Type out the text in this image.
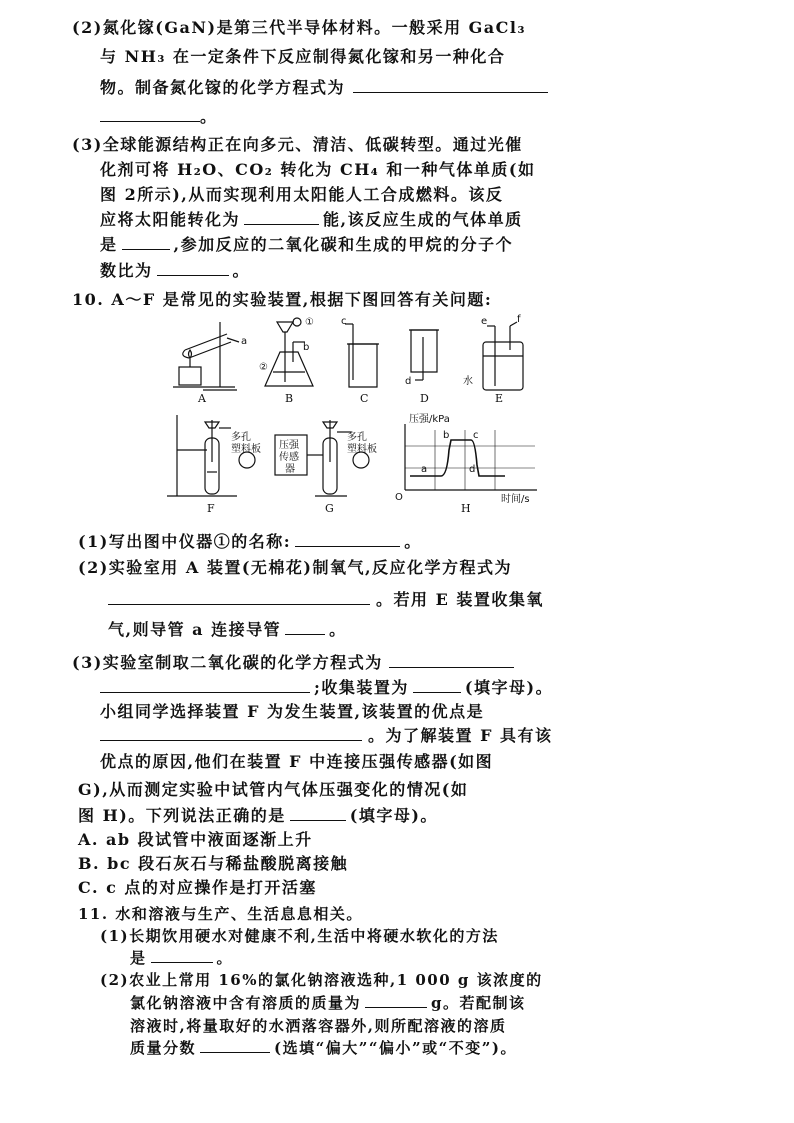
(2)氮化镓(GaN)是第三代半导体材料。一般采用 GaCl₃
与 NH₃ 在一定条件下反应制得氮化镓和另一种化合
物。制备氮化镓的化学方程式为
。
(3)全球能源结构正在向多元、清洁、低碳转型。通过光催
化剂可将 H₂O、CO₂ 转化为 CH₄ 和一种气体单质(如
图 2所示),从而实现利用太阳能人工合成燃料。该反
应将太阳能转化为	能,该反应生成的气体单质
是	,参加反应的二氧化碳和生成的甲烷的分子个
数比为	。
10. A～F 是常见的实验装置,根据下图回答有关问题:
A	B	C	D	E
a
b
c
d
e	f
①
②
水
F	G	H
多孔
塑料板 压强
传感
器
多孔
塑料板
压强/kPa
时间/s
O
a
b c
d
(1)写出图中仪器①的名称:	。
(2)实验室用 A 装置(无棉花)制氧气,反应化学方程式为
。若用 E 装置收集氧
气,则导管 a 连接导管	。
(3)实验室制取二氧化碳的化学方程式为
;收集装置为	(填字母)。
小组同学选择装置 F 为发生装置,该装置的优点是
。为了解装置 F 具有该
优点的原因,他们在装置 F 中连接压强传感器(如图
G),从而测定实验中试管内气体压强变化的情况(如
图 H)。下列说法正确的是	(填字母)。
A. ab 段试管中液面逐渐上升
B. bc 段石灰石与稀盐酸脱离接触
C. c 点的对应操作是打开活塞
11. 水和溶液与生产、生活息息相关。
(1)长期饮用硬水对健康不利,生活中将硬水软化的方法
是	。
(2)农业上常用 16%的氯化钠溶液选种,1 000 g 该浓度的
氯化钠溶液中含有溶质的质量为	g。若配制该
溶液时,将量取好的水洒落容器外,则所配溶液的溶质
质量分数	(选填“偏大”“偏小”或“不变”)。
